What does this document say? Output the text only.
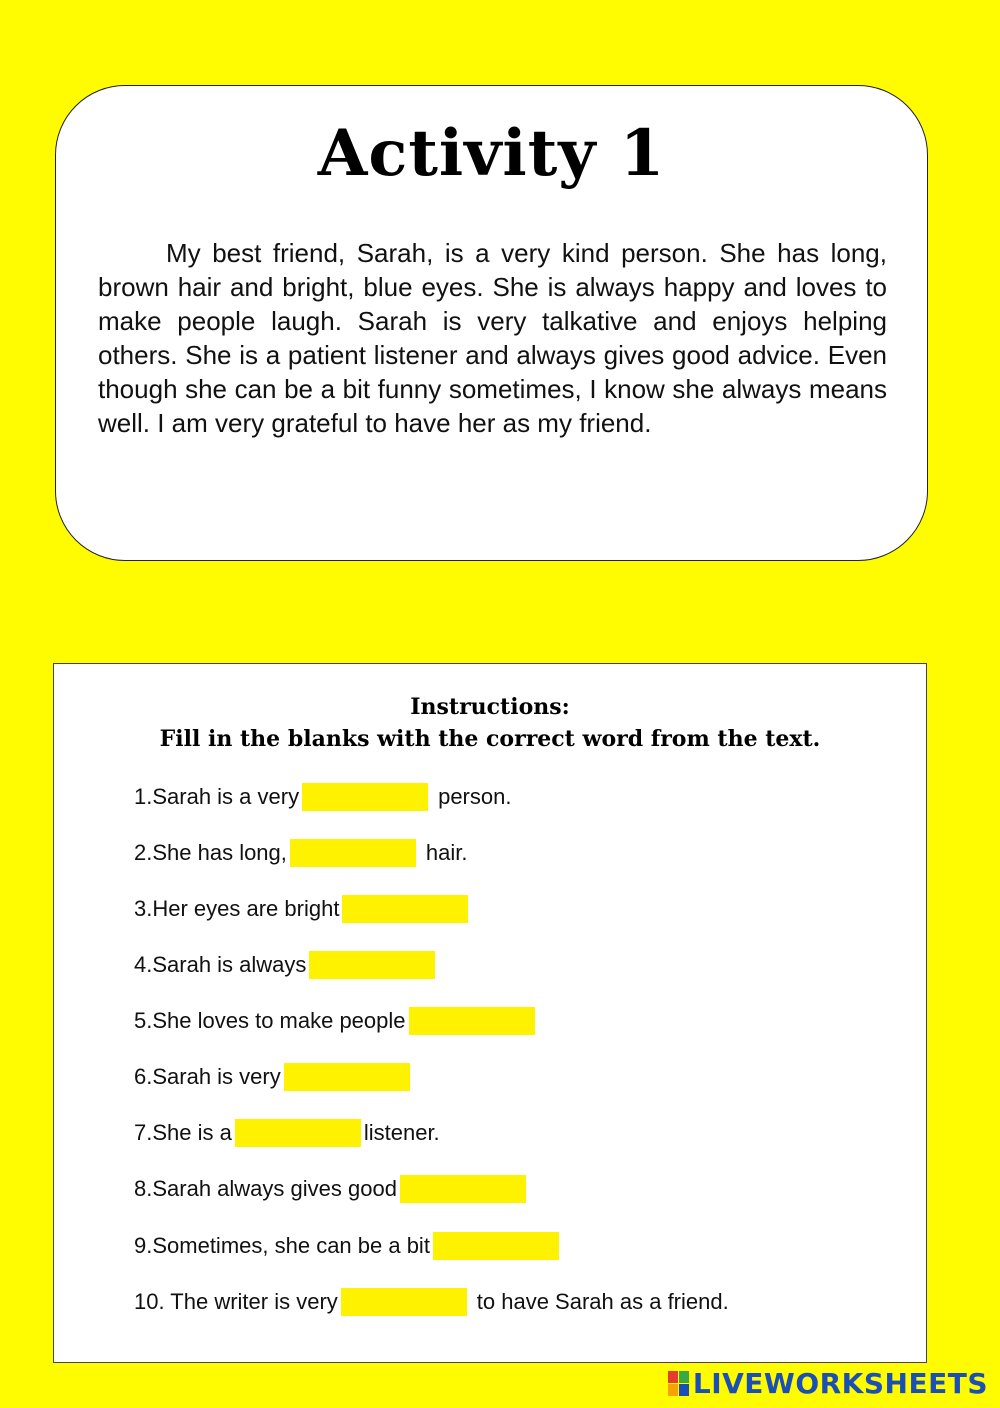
Activity 1

My best friend, Sarah, is a very kind person. She has long, brown hair and bright, blue eyes. She is always happy and loves to make people laugh. Sarah is very talkative and enjoys helping others. She is a patient listener and always gives good advice. Even though she can be a bit funny sometimes, I know she always means well. I am very grateful to have her as my friend.

Instructions:
Fill in the blanks with the correct word from the text.
1.Sarah is a very	person.
2.She has long,	hair.
3.Her eyes are bright
4.Sarah is always
5.She loves to make people
6.Sarah is very
7.She is a	listener.
8.Sarah always gives good
9.Sometimes, she can be a bit
10. The writer is very	to have Sarah as a friend.
LIVEWORKSHEETS
